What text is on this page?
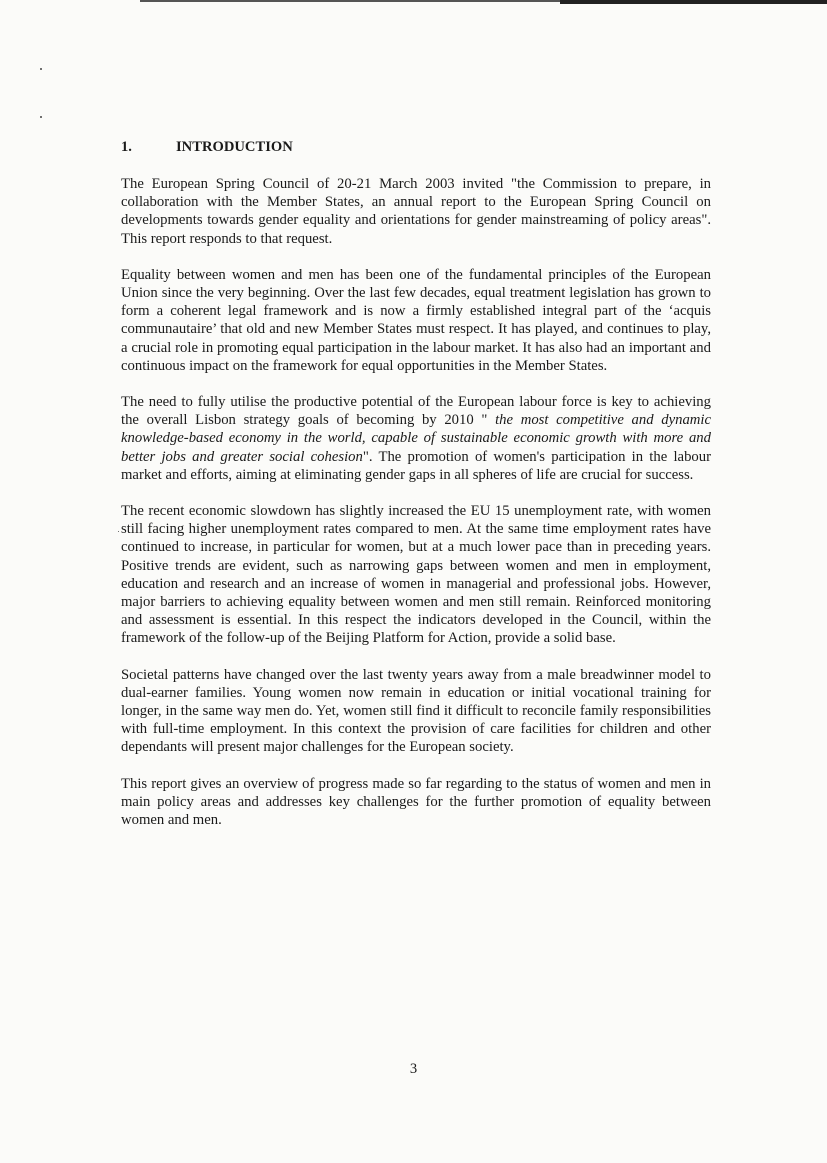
1.	INTRODUCTION

The European Spring Council of 20-21 March 2003 invited "the Commission to prepare, in collaboration with the Member States, an annual report to the European Spring Council on developments towards gender equality and orientations for gender mainstreaming of policy areas". This report responds to that request.

Equality between women and men has been one of the fundamental principles of the European Union since the very beginning. Over the last few decades, equal treatment legislation has grown to form a coherent legal framework and is now a firmly established integral part of the ‘acquis communautaire’ that old and new Member States must respect. It has played, and continues to play, a crucial role in promoting equal participation in the labour market. It has also had an important and continuous impact on the framework for equal opportunities in the Member States.

The need to fully utilise the productive potential of the European labour force is key to achieving the overall Lisbon strategy goals of becoming by 2010 " the most competitive and dynamic knowledge-based economy in the world, capable of sustainable economic growth with more and better jobs and greater social cohesion". The promotion of women's participation in the labour market and efforts, aiming at eliminating gender gaps in all spheres of life are crucial for success.

The recent economic slowdown has slightly increased the EU 15 unemployment rate, with women still facing higher unemployment rates compared to men. At the same time employment rates have continued to increase, in particular for women, but at a much lower pace than in preceding years. Positive trends are evident, such as narrowing gaps between women and men in employment, education and research and an increase of women in managerial and professional jobs. However, major barriers to achieving equality between women and men still remain. Reinforced monitoring and assessment is essential. In this respect the indicators developed in the Council, within the framework of the follow-up of the Beijing Platform for Action, provide a solid base.

Societal patterns have changed over the last twenty years away from a male breadwinner model to dual-earner families. Young women now remain in education or initial vocational training for longer, in the same way men do. Yet, women still find it difficult to reconcile family responsibilities with full-time employment. In this context the provision of care facilities for children and other dependants will present major challenges for the European society.

This report gives an overview of progress made so far regarding to the status of women and men in main policy areas and addresses key challenges for the further promotion of equality between women and men.

3
